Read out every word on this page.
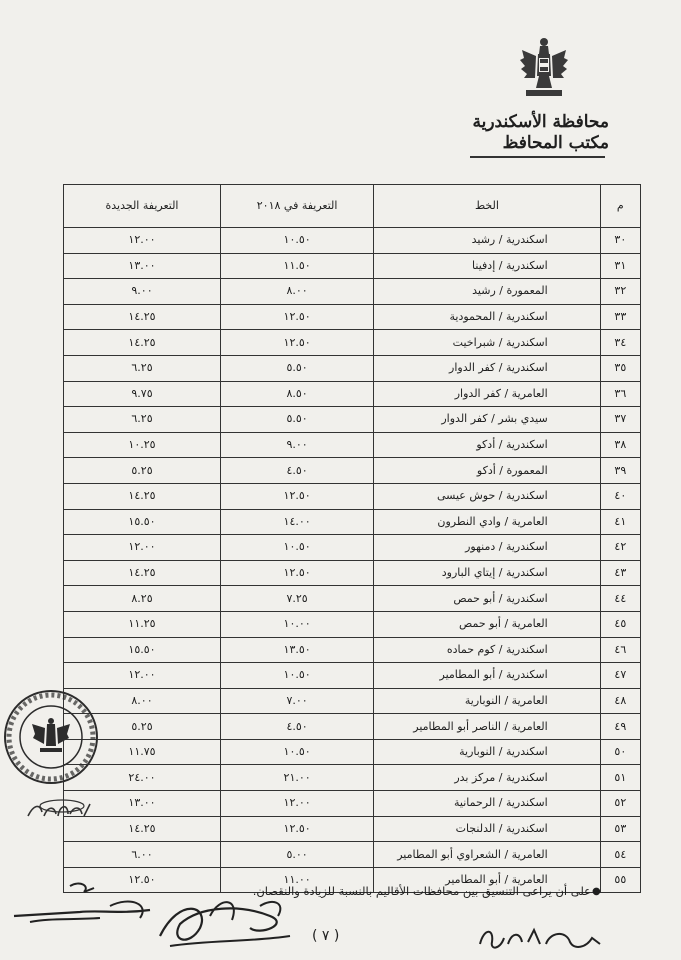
محافظة الأسكندرية
مكتب المحافظ
م	الخط	التعريفة في ٢٠١٨	التعريفة الجديدة
٣٠	اسكندرية / رشيد	١٠.٥٠	١٢.٠٠
٣١	اسكندرية / إدفينا	١١.٥٠	١٣.٠٠
٣٢	المعمورة / رشيد	٨.٠٠	٩.٠٠
٣٣	اسكندرية / المحمودية	١٢.٥٠	١٤.٢٥
٣٤	اسكندرية / شبراخيت	١٢.٥٠	١٤.٢٥
٣٥	اسكندرية / كفر الدوار	٥.٥٠	٦.٢٥
٣٦	العامرية / كفر الدوار	٨.٥٠	٩.٧٥
٣٧	سيدي بشر / كفر الدوار	٥.٥٠	٦.٢٥
٣٨	اسكندرية / أدكو	٩.٠٠	١٠.٢٥
٣٩	المعمورة / أدكو	٤.٥٠	٥.٢٥
٤٠	اسكندرية / حوش عيسى	١٢.٥٠	١٤.٢٥
٤١	العامرية / وادي النطرون	١٤.٠٠	١٥.٥٠
٤٢	اسكندرية / دمنهور	١٠.٥٠	١٢.٠٠
٤٣	اسكندرية / إيتاي البارود	١٢.٥٠	١٤.٢٥
٤٤	اسكندرية / أبو حمص	٧.٢٥	٨.٢٥
٤٥	العامرية / أبو حمص	١٠.٠٠	١١.٢٥
٤٦	اسكندرية / كوم حماده	١٣.٥٠	١٥.٥٠
٤٧	اسكندرية / أبو المطامير	١٠.٥٠	١٢.٠٠
٤٨	العامرية / النوبارية	٧.٠٠	٨.٠٠
٤٩	العامرية / الناصر أبو المطامير	٤.٥٠	٥.٢٥
٥٠	اسكندرية / النوبارية	١٠.٥٠	١١.٧٥
٥١	اسكندرية / مركز بدر	٢١.٠٠	٢٤.٠٠
٥٢	اسكندرية / الرحمانية	١٢.٠٠	١٣.٠٠
٥٣	اسكندرية / الدلنجات	١٢.٥٠	١٤.٢٥
٥٤	العامرية / الشعراوي أبو المطامير	٥.٠٠	٦.٠٠
٥٥	العامرية / أبو المطامير	١١.٠٠	١٢.٥٠
●
على أن يراعى التنسيق بين محافظات الأقاليم بالنسبة للزيادة والنقصان.
( ٧ )
